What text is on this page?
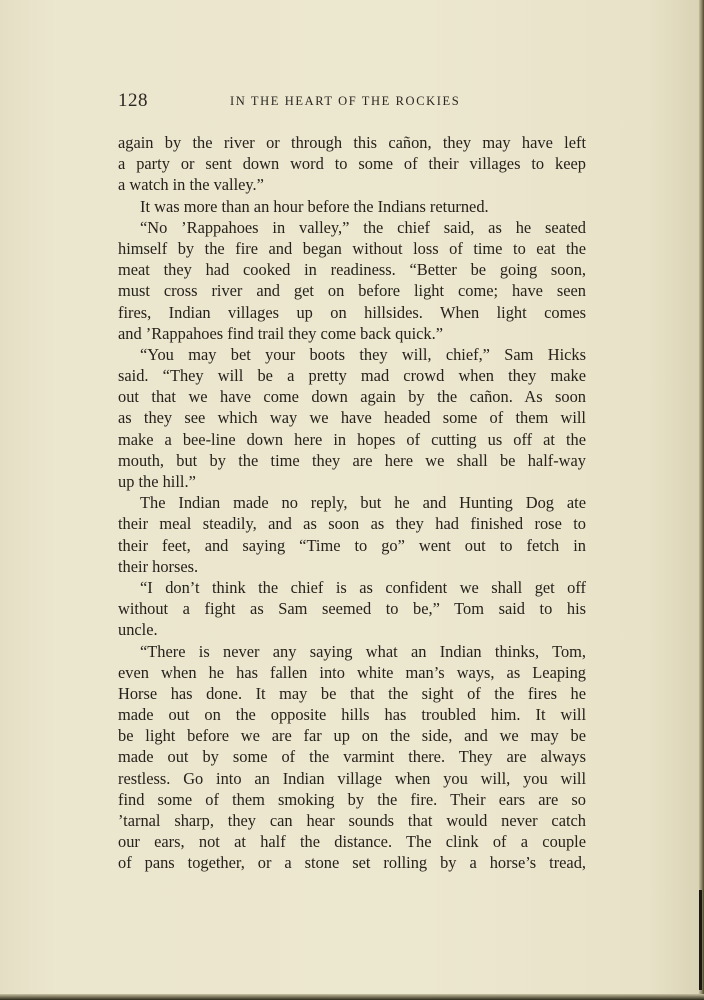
128	IN THE HEART OF THE ROCKIES
again by the river or through this cañon, they may have left
a party or sent down word to some of their villages to keep
a watch in the valley.”
It was more than an hour before the Indians returned.
“No ’Rappahoes in valley,” the chief said, as he seated
himself by the fire and began without loss of time to eat the
meat they had cooked in readiness. “Better be going soon,
must cross river and get on before light come; have seen
fires, Indian villages up on hillsides. When light comes
and ’Rappahoes find trail they come back quick.”
“You may bet your boots they will, chief,” Sam Hicks
said. “They will be a pretty mad crowd when they make
out that we have come down again by the cañon. As soon
as they see which way we have headed some of them will
make a bee-line down here in hopes of cutting us off at the
mouth, but by the time they are here we shall be half-way
up the hill.”
The Indian made no reply, but he and Hunting Dog ate
their meal steadily, and as soon as they had finished rose to
their feet, and saying “Time to go” went out to fetch in
their horses.
“I don’t think the chief is as confident we shall get off
without a fight as Sam seemed to be,” Tom said to his
uncle.
“There is never any saying what an Indian thinks, Tom,
even when he has fallen into white man’s ways, as Leaping
Horse has done. It may be that the sight of the fires he
made out on the opposite hills has troubled him. It will
be light before we are far up on the side, and we may be
made out by some of the varmint there. They are always
restless. Go into an Indian village when you will, you will
find some of them smoking by the fire. Their ears are so
’tarnal sharp, they can hear sounds that would never catch
our ears, not at half the distance. The clink of a couple
of pans together, or a stone set rolling by a horse’s tread,
